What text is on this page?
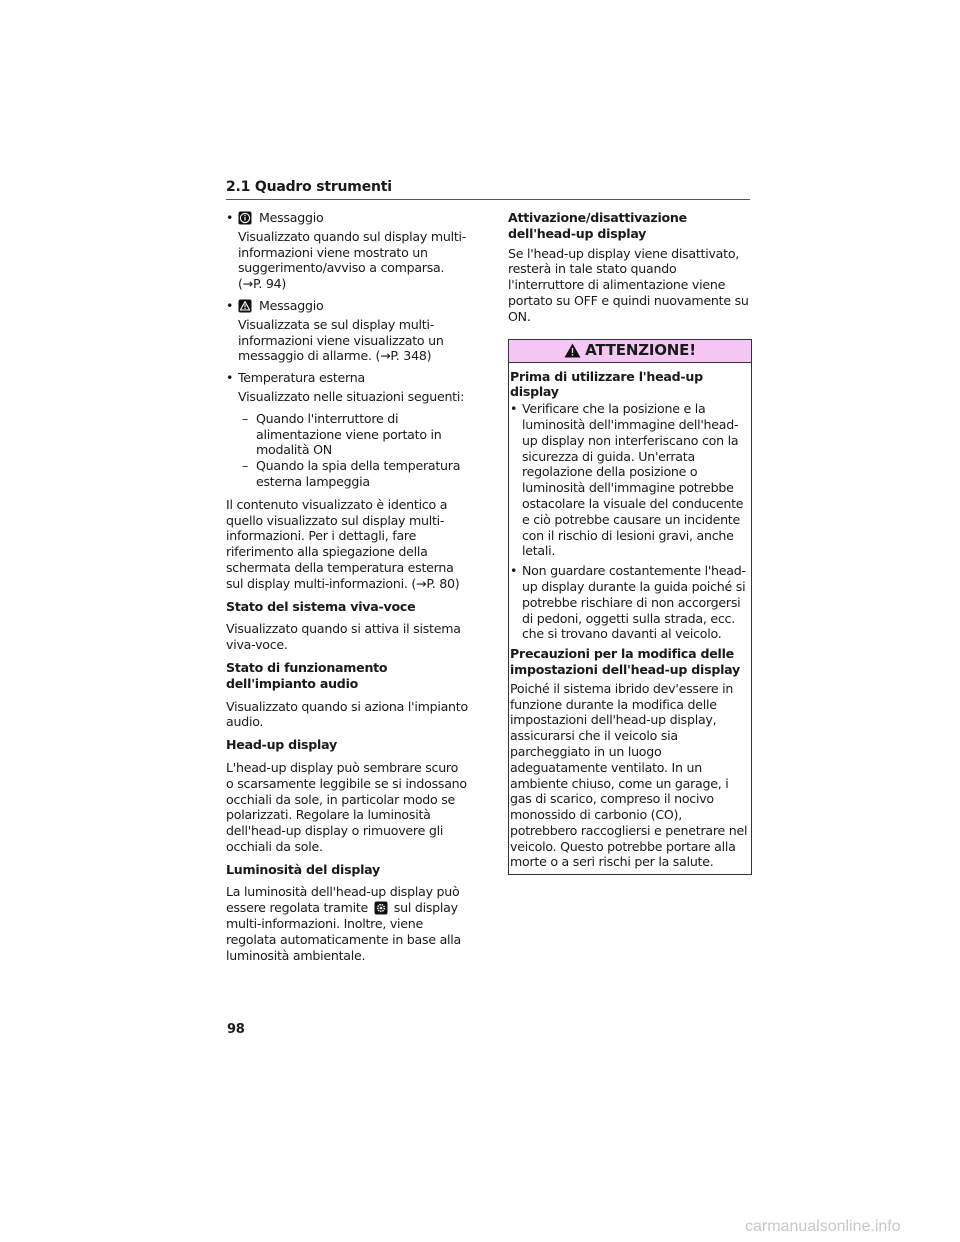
2.1 Quadro strumenti
• Messaggio
Visualizzato quando sul display multi-informazioni viene mostrato un suggerimento/avviso a comparsa. (→P. 94)
• Messaggio
Visualizzata se sul display multi-informazioni viene visualizzato un messaggio di allarme. (→P. 348)
• Temperatura esterna
Visualizzato nelle situazioni seguenti:
– Quando l'interruttore di alimentazione viene portato in modalità ON
– Quando la spia della temperatura esterna lampeggia

Il contenuto visualizzato è identico a quello visualizzato sul display multi-informazioni. Per i dettagli, fare riferimento alla spiegazione della schermata della temperatura esterna sul display multi-informazioni. (→P. 80)

Stato del sistema viva-voce

Visualizzato quando si attiva il sistema viva-voce.

Stato di funzionamento dell'impianto audio

Visualizzato quando si aziona l'impianto audio.

Head-up display

L'head-up display può sembrare scuro o scarsamente leggibile se si indossano occhiali da sole, in particolar modo se polarizzati. Regolare la luminosità dell'head-up display o rimuovere gli occhiali da sole.

Luminosità del display

La luminosità dell'head-up display può essere regolata tramite sul display multi-informazioni. Inoltre, viene regolata automaticamente in base alla luminosità ambientale.

Attivazione/disattivazione dell'head-up display

Se l'head-up display viene disattivato, resterà in tale stato quando l'interruttore di alimentazione viene portato su OFF e quindi nuovamente su ON.

ATTENZIONE!
Prima di utilizzare l'head-up display
• Verificare che la posizione e la luminosità dell'immagine dell'head-up display non interferiscano con la sicurezza di guida. Un'errata regolazione della posizione o luminosità dell'immagine potrebbe ostacolare la visuale del conducente e ciò potrebbe causare un incidente con il rischio di lesioni gravi, anche letali.
• Non guardare costantemente l'head-up display durante la guida poiché si potrebbe rischiare di non accorgersi di pedoni, oggetti sulla strada, ecc. che si trovano davanti al veicolo.
Precauzioni per la modifica delle impostazioni dell'head-up display

Poiché il sistema ibrido dev'essere in funzione durante la modifica delle impostazioni dell'head-up display, assicurarsi che il veicolo sia parcheggiato in un luogo adeguatamente ventilato. In un ambiente chiuso, come un garage, i gas di scarico, compreso il nocivo monossido di carbonio (CO), potrebbero raccogliersi e penetrare nel veicolo. Questo potrebbe portare alla morte o a seri rischi per la salute.

98
carmanualsonline.info
